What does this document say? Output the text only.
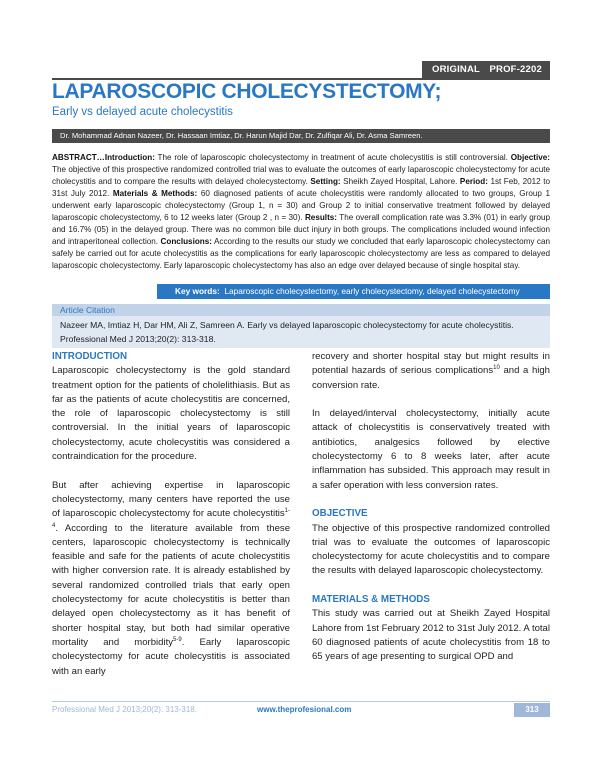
ORIGINAL PROF-2202
LAPAROSCOPIC CHOLECYSTECTOMY;
Early vs delayed acute cholecystitis
Dr. Mohammad Adnan Nazeer, Dr. Hassaan Imtiaz, Dr. Harun Majid Dar, Dr. Zulfiqar Ali, Dr. Asma Samreen.
ABSTRACT…Introduction: The role of laparoscopic cholecystectomy in treatment of acute cholecystitis is still controversial. Objective: The objective of this prospective randomized controlled trial was to evaluate the outcomes of early laparoscopic cholecystectomy for acute cholecystitis and to compare the results with delayed cholecystectomy. Setting: Sheikh Zayed Hospital, Lahore. Period: 1st Feb, 2012 to 31st July 2012. Materials & Methods: 60 diagnosed patients of acute cholecystitis were randomly allocated to two groups, Group 1 underwent early laparoscopic cholecystectomy (Group 1, n = 30) and Group 2 to initial conservative treatment followed by delayed laparoscopic cholecystectomy, 6 to 12 weeks later (Group 2 , n = 30). Results: The overall complication rate was 3.3% (01) in early group and 16.7% (05) in the delayed group. There was no common bile duct injury in both groups. The complications included wound infection and intraperitoneal collection. Conclusions: According to the results our study we concluded that early laparoscopic cholecystectomy can safely be carried out for acute cholecystitis as the complications for early laparoscopic cholecystectomy are less as compared to delayed laparoscopic cholecystectomy. Early laparoscopic cholecystectomy has also an edge over delayed because of single hospital stay.
Key words: Laparoscopic cholecystectomy, early cholecystectomy, delayed cholecystectomy
Article Citation
Nazeer MA, Imtiaz H, Dar HM, Ali Z, Samreen A. Early vs delayed laparoscopic cholecystectomy for acute cholecystitis. Professional Med J 2013;20(2): 313-318.
INTRODUCTION

Laparoscopic cholecystectomy is the gold standard treatment option for the patients of cholelithiasis. But as far as the patients of acute cholecystitis are concerned, the role of laparoscopic cholecystectomy is still controversial. In the initial years of laparoscopic cholecystectomy, acute cholecystitis was considered a contraindication for the procedure.

But after achieving expertise in laparoscopic cholecystectomy, many centers have reported the use of laparoscopic cholecystectomy for acute cholecystitis$^{1-4}$. According to the literature available from these centers, laparoscopic cholecystectomy is technically feasible and safe for the patients of acute cholecystitis with higher conversion rate. It is already established by several randomized controlled trials that early open cholecystectomy for acute cholecystitis is better than delayed open cholecystectomy as it has benefit of shorter hospital stay, but both had similar operative mortality and morbidity$^{5-9}$. Early laparoscopic cholecystectomy for acute cholecystitis is associated with an early

recovery and shorter hospital stay but might results in potential hazards of serious complications$^{10}$ and a high conversion rate.

In delayed/interval cholecystectomy, initially acute attack of cholecystitis is conservatively treated with antibiotics, analgesics followed by elective cholecystectomy 6 to 8 weeks later, after acute inflammation has subsided. This approach may result in a safer operation with less conversion rates.

OBJECTIVE

The objective of this prospective randomized controlled trial was to evaluate the outcomes of laparoscopic cholecystectomy for acute cholecystitis and to compare the results with delayed laparoscopic cholecystectomy.

MATERIALS & METHODS

This study was carried out at Sheikh Zayed Hospital Lahore from 1st February 2012 to 31st July 2012. A total 60 diagnosed patients of acute cholecystitis from 18 to 65 years of age presenting to surgical OPD and

Professional Med J 2013;20(2): 313-318.	www.theprofesional.com	313
